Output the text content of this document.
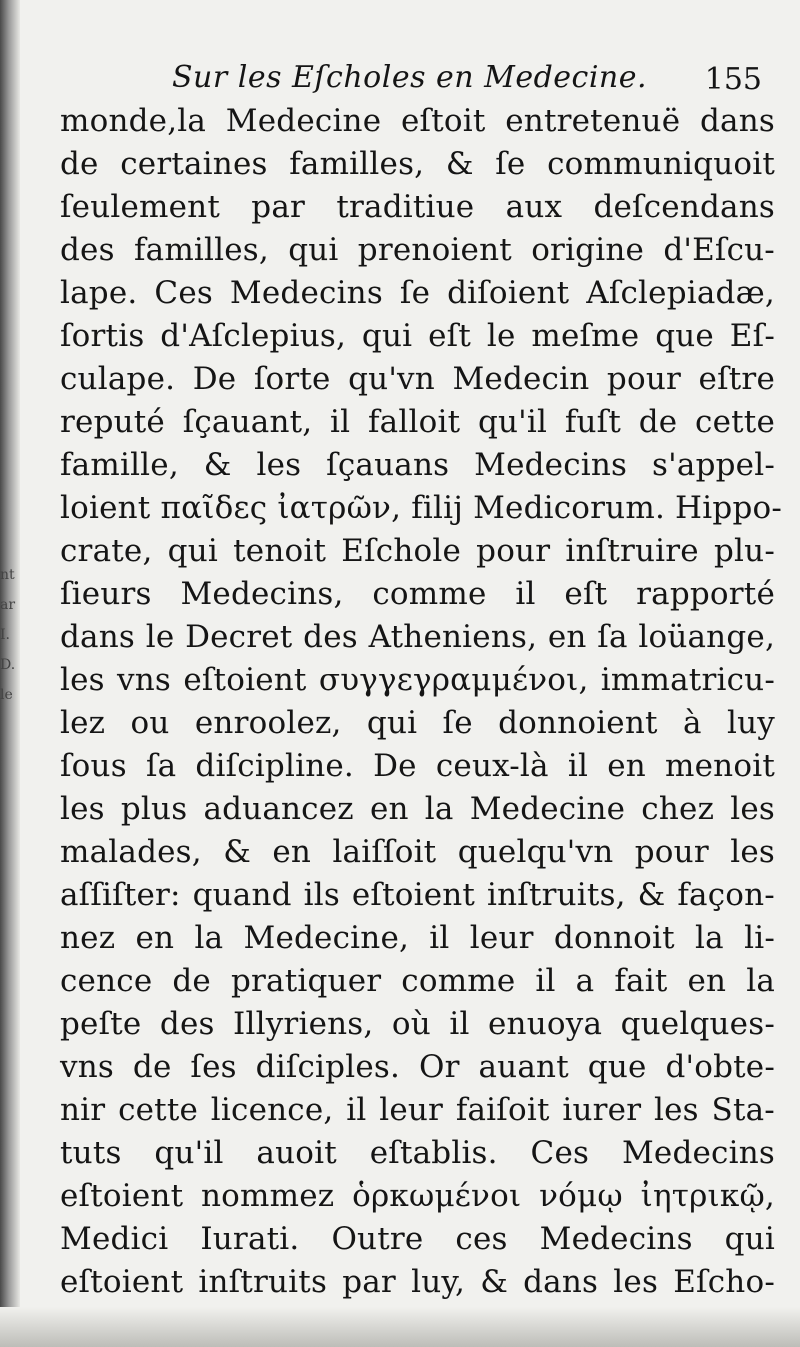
nt ar I. D. le
Sur les Eſcholes en Medecine. 155
monde,la Medecine eſtoit entretenuë dans
de certaines familles, & ſe communiquoit
ſeulement par traditiue aux deſcendans
des familles, qui prenoient origine d'Eſcu-
lape. Ces Medecins ſe diſoient Aſclepiadæ,
ſortis d'Aſclepius, qui eſt le meſme que Eſ-
culape. De ſorte qu'vn Medecin pour eſtre
reputé ſçauant, il falloit qu'il fuſt de cette
famille, & les ſçauans Medecins s'appel-
loient παῖδες ἰατρῶν, filij Medicorum. Hippo-
crate, qui tenoit Eſchole pour inſtruire plu-
ſieurs Medecins, comme il eſt rapporté
dans le Decret des Atheniens, en ſa loüange,
les vns eſtoient συγγεγραμμένοι, immatricu-
lez ou enroolez, qui ſe donnoient à luy
ſous ſa diſcipline. De ceux-là il en menoit
les plus aduancez en la Medecine chez les
malades, & en laiſſoit quelqu'vn pour les
aſſiſter: quand ils eſtoient inſtruits, & façon-
nez en la Medecine, il leur donnoit la li-
cence de pratiquer comme il a fait en la
peſte des Illyriens, où il enuoya quelques-
vns de ſes diſciples. Or auant que d'obte-
nir cette licence, il leur faiſoit iurer les Sta-
tuts qu'il auoit eſtablis. Ces Medecins
eſtoient nommez ὁρκωμένοι νόμῳ ἰητρικῷ,
Medici Iurati. Outre ces Medecins qui
eſtoient inſtruits par luy, & dans les Eſcho-
